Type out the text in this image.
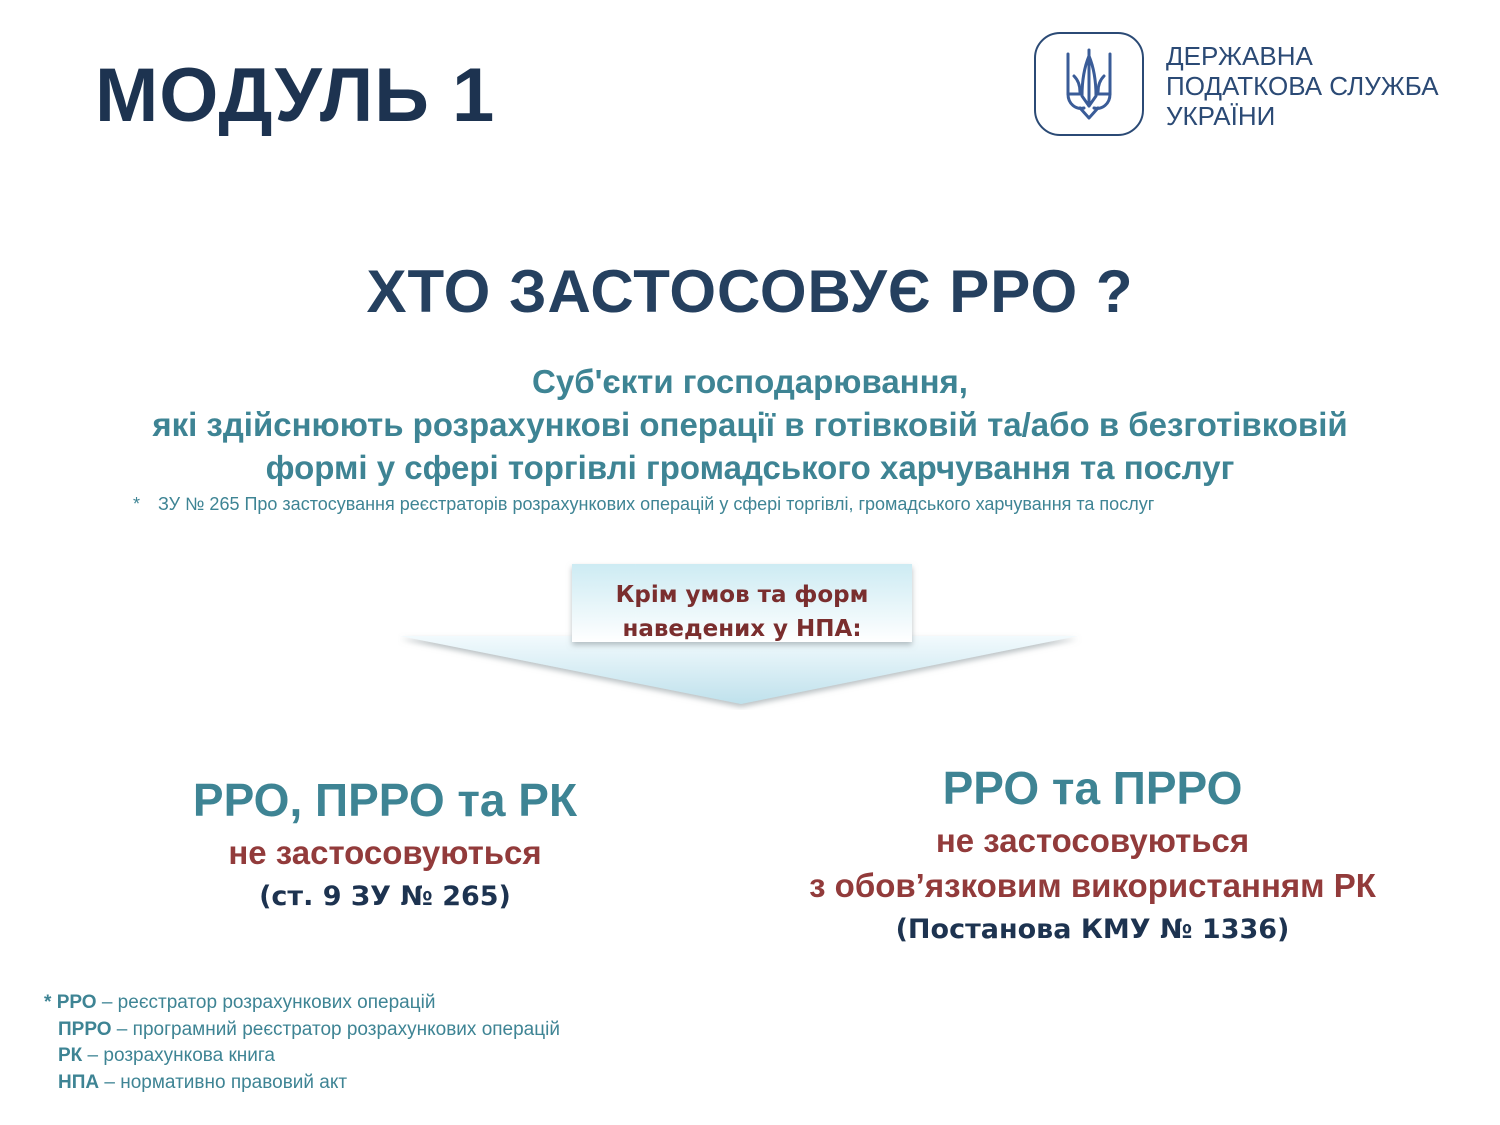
МОДУЛЬ 1	ДЕРЖАВНА
ПОДАТКОВА СЛУЖБА
УКРАЇНИ
ХТО ЗАСТОСОВУЄ РРО ?
Суб'єкти господарювання,
які здійснюють розрахункові операції в готівковій та/або в безготівковій
формі у сфері торгівлі громадського харчування та послуг
* ЗУ № 265 Про застосування реєстраторів розрахункових операцій у сфері торгівлі, громадського харчування та послуг
Крім умов та форм
наведених у НПА:
РРО, ПРРО та РК
не застосовуються
(ст. 9 ЗУ № 265)
РРО та ПРРО
не застосовуються
з обов’язковим використанням РК
(Постанова КМУ № 1336)
* РРО – реєстратор розрахункових операцій
ПРРО – програмний реєстратор розрахункових операцій
РК – розрахункова книга
НПА – нормативно правовий акт
